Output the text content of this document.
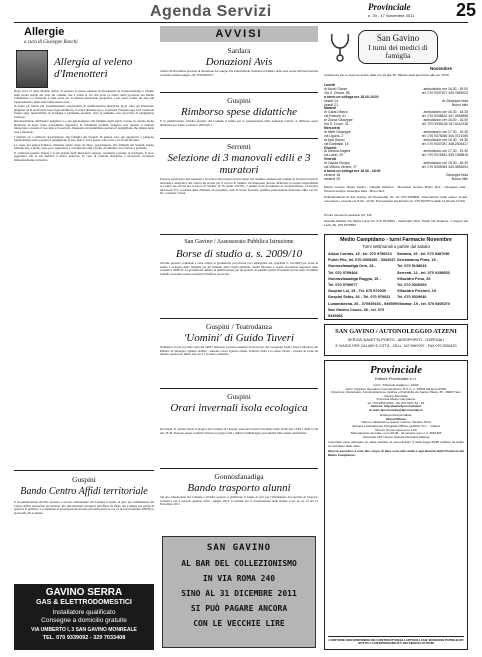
Agenda Servizi	Provinciale
n. 20 - 17 Novembre 2011 25
Allergie
a cura di Giuseppe Ronchi
Allergia al veleno d'Imenotteri

Dopo circa 15 anni abbiamo deciso di spostare la nostra stazione di rilevamento da Gonnosfanadiga a Sanluri sulla strada statale del polo del comune che è ormai la via che porta al centro della provincia del Medio Campidano. La decisione è stata presa per la diversa ubicazione geografica e per poter fornire un dato più rappresentativo della realtà della nostra zona.

In Italia gli insetti più frequentemente responsabili di manifestazioni allergiche gravi sono gli Imenotteri pungitori ed in particolare l'ape (Apis mellifera), la vespa (Polistes spp.), il giallone (Vespula spp) ed il calabrone (Vespa spp). Quest'ultimo in Sardegna è raramente presente. Solo le femmine sono provviste di pungiglione velenoso.

Riconoscimento dell'insetto pungitore. Le api appartengono alla famiglia degli Apidi, vivono in colonie molto numerose di arnie. Sono scarsamente aggressive in condizioni normali, pungono solo quando si sentono minacciate o quando il loro nido è in pericolo. Pungendo un mammifero perdono il pungiglione che rimane nella cute e muoiono.

I gialloni ed i calabroni appartengono alla famiglia dei Vespidi. In genere sono più aggressivi e pungono ripetutamente senza perdere il pungiglione. Il loro nido si trova spesso sotto terra o in cavità dei muri.

Le vespe del genere Polistes, chiamate anche vespe da muro, appartengono alla famiglia dei Vespidi, hanno addome nero e giallo, sono poco aggressive e costruiscono nidi a forma di ombrello sotto tettoie e grondaie.

Il calabrone (genere Vespa) è il più grande degli Imenotteri europei, raramente presente in Sardegna. È poco aggressivo ma la sua puntura è molto dolorosa. In caso di reazioni allergiche è necessario rivolgersi immediatamente al medico.

Guspini
Bando Centro Affidi territoriale
È in pubblicazione all'Albo pretorio e sul sito istituzionale del Comune il bando di gara per l'affidamento del Centro Affidi territoriale provinciale. Per informazioni rivolgersi all'Ufficio di Piano del Comune nei giorni di apertura al pubblico. Le domande di partecipazione devono pervenire entro le ore 12 del 22 novembre all'Ufficio protocollo del Comune.
GAVINO SERRA
GAS & ELETTRODOMESTICI
Installatore qualificato
Consegne a domicilio gratuite
VIA UMBERTO I, 3 SAN GAVINO MONREALE
TEL. 070 9339092 - 329 7033408
AVVISI
Sardara
Donazioni Avis
Sabato 26 Novembre giornata di donazione del sangue. Per informazioni chiamare il numero della sede locale dell'associazione volontari italiani sangue, allo 070/9387921.
Guspini
Rimborso spese didattiche
È in pubblicazione all'Albo pretorio del Comune il bando per la presentazione delle domande relative al rimborso spese didattiche per l'anno scolastico 2010/2011.
Serrenti
Selezione di 3 manovali edili e 3 muratori
Possono partecipare alla selezione i lavoratori disoccupati ed inoccupati che risultino residenti nel comune di Serrenti ed iscritti nell'elenco anagrafico del Centro dei servizi per il Lavoro di Sanluri. Gli interessati devono dichiarare la propria disponibilità al Centro dei servizi per il lavoro di Sanluri, in Via Ponte Vecchio, 7 muniti di un documento di riconoscimento. Lavoratori interessati 3+3, scadenza della chiamata 25 novembre, sede di lavoro Serrenti, qualifica professionale manovale edile, età 18-65. Contratto 3 mesi.
San Gavino / Assessorato Pubblica Istruzione
Borse di studio a. s. 2009/10
All'albo pretorio comunale è stata affissa la graduatoria provvisoria (ex l'emergenza dei contributi L. 62/2000) per borse di studio a sostegno delle famiglie per gli studenti della scuola primaria, media inferiore e scuola secondaria superiore anno scolastico 2009/10. La graduatoria rimarrà in pubblicazione per un periodo di quindici giorni. Eventuali ricorsi entro il termine stabilito dovranno essere presentati all'ufficio protocollo.
Guspini / Teatrodanza
'Uomini' di Guido Tuveri
Domenica 27 per la prima volta dal 1989 i danzatori possono assistere ad un lavoro del coreografo Guido Tuveri, Direttore del Balletto di Sardegna. Quattro uomini - Antonio Carta, Ignazio Nanni, Federico Tello e lo stesso Tuveri - portano in scena un intenso spettacolo. Inizio alle ore 21 al teatro comunale.
Guspini
Orari invernali isola ecologica
Da lunedì 31 ottobre l'isola ecologica del Comune di Guspini osserverà l'orario invernale: dalle 10.00 alle 13.00 e dalle 15.30 alle 18.30. Possono essere conferiti all'isola ecologica tutti i rifiuti da imballaggio provenienti dalle utenze domestiche.
Gonnosfanadiga
Bando trasporto alunni
Sul sito istituzionale del Comune e all'Albo pretorio è pubblicato il bando di gara per l'affidamento del servizio di trasporto scolastico per il periodo gennaio 2012 - giugno 2013. Il termine per la presentazione delle istanze è per le ore 13 del 21 Novembre 2011.
SAN GAVINO
AL BAR DEL COLLEZIONISMO
IN VIA ROMA 240
SINO AL 31 DICEMBRE 2011
SI PUÒ PAGARE ANCORA
CON LE VECCHIE LIRE
San Gavino
I turni dei medici di famiglia
Novembre
Assistenza per le urgenze anche dalle ore 16 alle 20. Sabato studi aperti fino alle ore 10.00
Lunedì
dr Atzori Gianni	ambulatorio ore 16.30 - 18.00
Via S. Chiara, 98	tel. 070 9337927 349.7669023
a turno un collega ore 18.00-19.00
lunedì 14	dr Giuseppe Idda
lunedì 21	Bruno Idini
Martedì
dr Garau Marco	ambulatorio ore 16.30 - 18.30
via Rossini, 41	tel. 070 9338631 347.4938898
dr Zucca Giuseppe	ambulatorio ore 16.00 - 18.00
Via S. Croce, 31	tel. 070 9338136 347.6110238
Mercoledì
dr Mele Giuseppe	ambulatorio ore 17.30 - 19.30
via Liguria, 2	tel. 070 9375266 340.3721069
dr Apa Gianni	ambulatorio ore 16.30 - 18.30
via Garibaldi, 15	tel. 070 9337087 348.2306417
Giovedì
dr Deiana Angela	ambulatorio ore 17.30 - 19.30
via Lazio, 29	tel. 070 9375481 339.7468815
Venerdì
dr Cauda Giorgio	ambulatorio ore 15.30 - 16.30
via Vittorio Veneto, 27	tel. 070 9339083 349.3538494
a turno un collega ore 16.30 - 18.00
venerdì 18	Giuseppe Idda
venerdì 25	Bruno Idini
Medici sempre Mauro Carlisi - Claudia Sollazzo - Mercoledì sempre Bruno Idini - Giuseppe Idda - Giovedì sempre Giuseppe Idda - Bruno Idini
Poliambulatorio di San Gavino via Nuraxeddu, 81, tel. 070 9359661. Prenotazioni visite esami: lunedì, mercoledì e venerdì ore 8.00 - 12.00. Prenotazioni telefoniche tel. 070 6097574 (dalle 11.00 alle 13.00).
Pronto intervento sanitario Tel. 118
Guardia Medica Via Santa Lucia Tel. 070 9375254 - Veterinario Dott. Poddi Via Scipione, 1 angolo Via Lazio Tel. 070 9376584
Medio Campidano - turni Farmacie Novembre
Turni settimanali a partire dal sabato
Arbus Corrias, 19 - tel. 070 9756013
Furtei Pilo, tel. 070 9305100 - 9302937
Gonnosfanadiga Orrù, 26 -
Tel. 070 9799468
Gonnosfanadiga Ruggiu, 19 -
Tel. 070 9799077
Guspini Loi, 19 - Tel. 070 970030
Guspini Sebis, 26 - Tel. 070 970022
Lunamatrona, 26 - 070939154 - 939599
San Gavino Cocco, 26 - tel. 070 9339066
Sardara, 19 - tel. 070 9387096
Serramanna Piras, 19 -
Tel. 070 9138033
Serrenti, 12 - tel. 070 9159653
Villacidro Fenu, 26
Tel. 070 9326093
Villacidro Piccioni, 19
Tel. 070 9329046
Villamar, 19 - tel. 070 9306070
SAN GAVINO / AUTONOLEGGIO ATZENI
SERVIZI NAVETTA PORTO - AEROPORTO - OSPEDALI
E VIAGGI PER CALIARI E CITTÀ - CELL. 347 6967097 - FAX 070 9339120
Provinciale
Editore Provinciale s.r.l.
Iscriz. Tribunale Cagliari n. 44/09
Iscriz. Registro Operatori Comunicazione R.O.C. n. 19604 (all'anno 2006)
Direzione, Redazione, Amministrazione, Grafica e Pubblicità via Santa Chiara, 35 - 09037 San Gavino Monreale
Provincia Medio Campidano
tel. 070 9359 4033 - fax 070 6971 53 - 51
Internet: http://www.ilprovinciale.it
E-mail: ilprovinciale@ilprovinciale.it
Direttore Responsabile:
Gianni Manca
Hanno collaborato a questo numero: Stefano Tardi
Stampa e Allestimento Tipografia Officine grafiche S.r.l. - Ottana
Prezzo di una copia euro 1,00
Abbonamento annuale: euro 40,00 - da versare sul c.c.p. 3661354
Associato UDI Unione Stampa Periodica Italiana
Il giornale viene stampato su carta riciclata. Ai sensi dell'art. 3 della legge 95/95 l'editore ha diritto al contributo dello stato.
Questo periodico è nato allo scopo di dare voce alla realtà e agli abitanti della Provincia del Medio Campidano.
L'EDITORE NON RISPONDE DEI CONTENUTI DEGLI ARTICOLI CHE VENGONO PUBBLICATI SOTTO LA RESPONSABILITÀ DEI SINGOLI AUTORI
